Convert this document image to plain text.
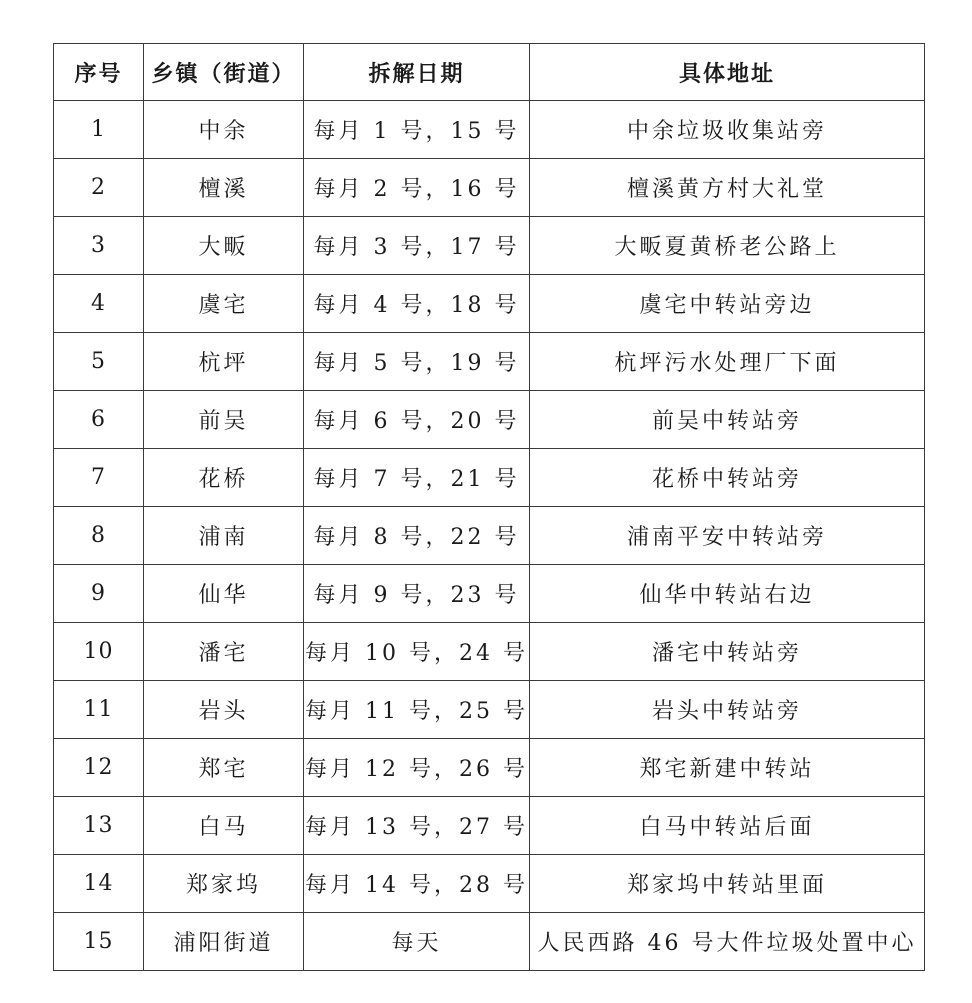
序号	乡镇（街道）	拆解日期	具体地址
1	中余	每月 1 号，15 号	中余垃圾收集站旁
2	檀溪	每月 2 号，16 号	檀溪黄方村大礼堂
3	大畈	每月 3 号，17 号	大畈夏黄桥老公路上
4	虞宅	每月 4 号，18 号	虞宅中转站旁边
5	杭坪	每月 5 号，19 号	杭坪污水处理厂下面
6	前吴	每月 6 号，20 号	前吴中转站旁
7	花桥	每月 7 号，21 号	花桥中转站旁
8	浦南	每月 8 号，22 号	浦南平安中转站旁
9	仙华	每月 9 号，23 号	仙华中转站右边
10	潘宅	每月 10 号，24 号	潘宅中转站旁
11	岩头	每月 11 号，25 号	岩头中转站旁
12	郑宅	每月 12 号，26 号	郑宅新建中转站
13	白马	每月 13 号，27 号	白马中转站后面
14	郑家坞	每月 14 号，28 号	郑家坞中转站里面
15	浦阳街道	每天	人民西路 46 号大件垃圾处置中心
